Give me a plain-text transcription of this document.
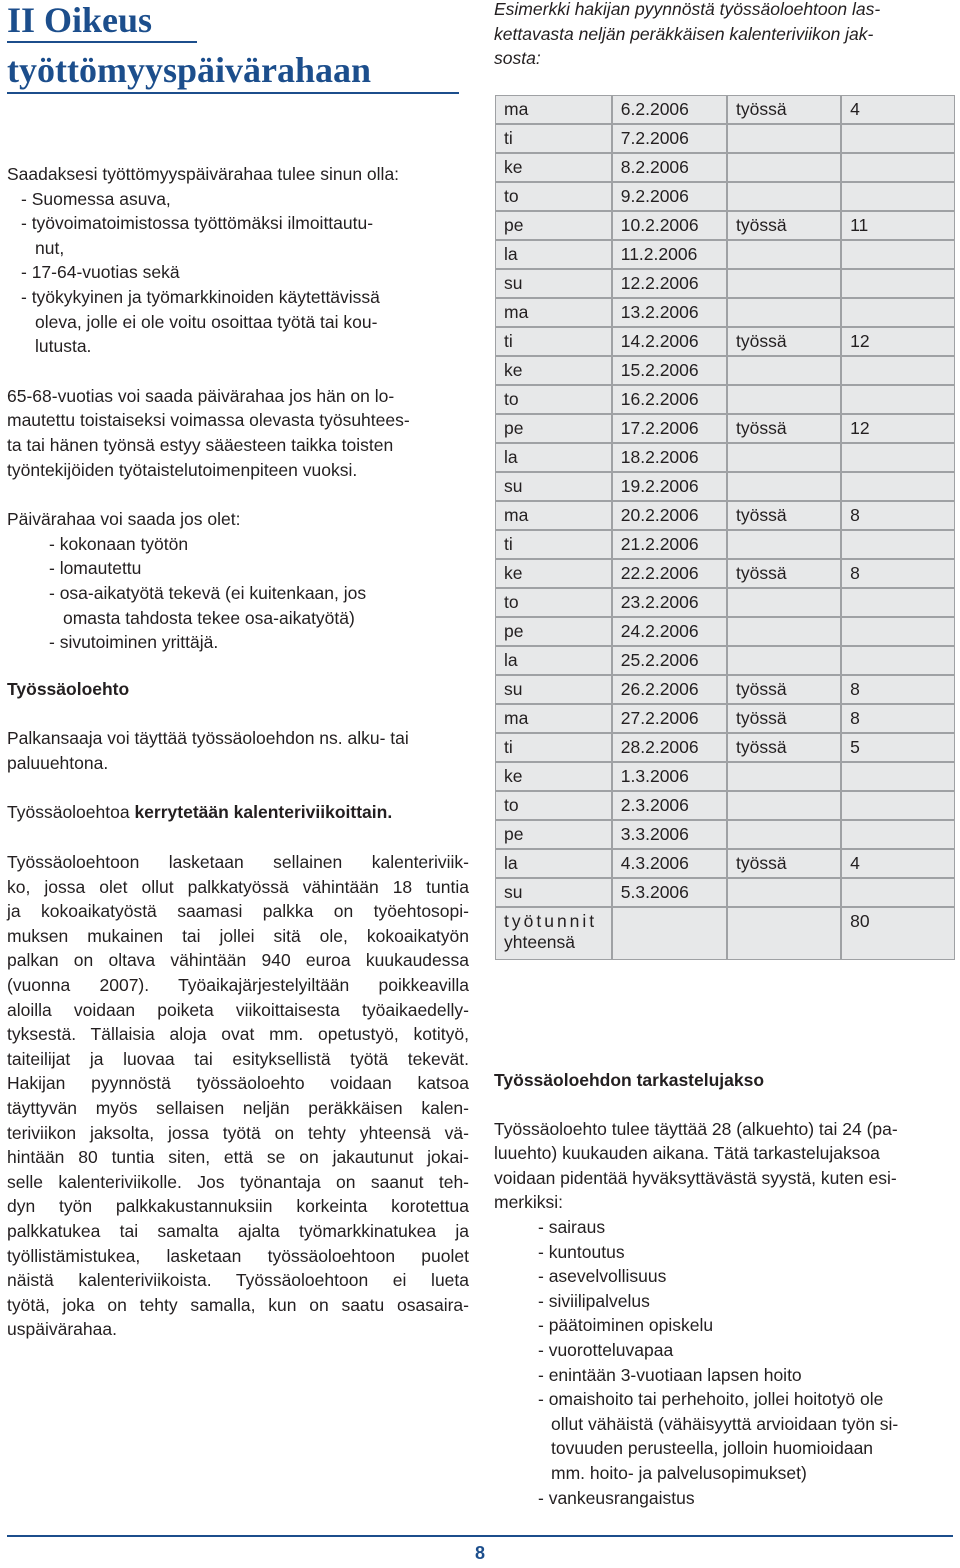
II Oikeus
työttömyyspäivärahaan

Saadaksesi työttömyyspäivärahaa tulee sinun olla:

- Suomessa asuva,

- työvoimatoimistossa työttömäksi ilmoittautu-

nut,

- 17-64-vuotias sekä

- työkykyinen ja työmarkkinoiden käytettävissä

oleva, jolle ei ole voitu osoittaa työtä tai kou-

lutusta.

65-68-vuotias voi saada päivärahaa jos hän on lo-

mautettu toistaiseksi voimassa olevasta työsuhtees-

ta tai hänen työnsä estyy sääesteen taikka toisten

työntekijöiden työtaistelutoimenpiteen vuoksi.

Päivärahaa voi saada jos olet:

- kokonaan työtön

- lomautettu

- osa-aikatyötä tekevä (ei kuitenkaan, jos

omasta tahdosta tekee osa-aikatyötä)

- sivutoiminen yrittäjä.

Työssäoloehto

Palkansaaja voi täyttää työssäoloehdon ns. alku- tai

paluuehtona.

Työssäoloehtoa kerrytetään kalenteriviikoittain.

Työssäoloehtoon lasketaan sellainen kalenteriviik-

ko, jossa olet ollut palkkatyössä vähintään 18 tuntia

ja kokoaikatyöstä saamasi palkka on työehtosopi-

muksen mukainen tai jollei sitä ole, kokoaikatyön

palkan on oltava vähintään 940 euroa kuukaudessa

(vuonna 2007). Työaikajärjestelyiltään poikkeavilla

aloilla voidaan poiketa viikoittaisesta työaikaedelly-

tyksestä. Tällaisia aloja ovat mm. opetustyö, kotityö,

taiteilijat ja luovaa tai esityksellistä työtä tekevät.

Hakijan pyynnöstä työssäoloehto voidaan katsoa

täyttyvän myös sellaisen neljän peräkkäisen kalen-

teriviikon jaksolta, jossa työtä on tehty yhteensä vä-

hintään 80 tuntia siten, että se on jakautunut jokai-

selle kalenteriviikolle. Jos työnantaja on saanut teh-

dyn työn palkkakustannuksiin korkeinta korotettua

palkkatukea tai samalta ajalta työmarkkinatukea ja

työllistämistukea, lasketaan työssäoloehtoon puolet

näistä kalenteriviikoista. Työssäoloehtoon ei lueta

työtä, joka on tehty samalla, kun on saatu osasaira-

uspäivärahaa.

Esimerkki hakijan pyynnöstä työssäoloehtoon las-

kettavasta neljän peräkkäisen kalenteriviikon jak-

sosta:

ma	6.2.2006	työssä	4
ti	7.2.2006		
ke	8.2.2006		
to	9.2.2006		
pe	10.2.2006	työssä	11
la	11.2.2006		
su	12.2.2006		
ma	13.2.2006		
ti	14.2.2006	työssä	12
ke	15.2.2006		
to	16.2.2006		
pe	17.2.2006	työssä	12
la	18.2.2006		
su	19.2.2006		
ma	20.2.2006	työssä	8
ti	21.2.2006		
ke	22.2.2006	työssä	8
to	23.2.2006		
pe	24.2.2006		
la	25.2.2006		
su	26.2.2006	työssä	8
ma	27.2.2006	työssä	8
ti	28.2.2006	työssä	5
ke	1.3.2006		
to	2.3.2006		
pe	3.3.2006		
la	4.3.2006	työssä	4
su	5.3.2006		

työtunnit
yhteensä			80

Työssäoloehdon tarkastelujakso

Työssäoloehto tulee täyttää 28 (alkuehto) tai 24 (pa-

luuehto) kuukauden aikana. Tätä tarkastelujaksoa

voidaan pidentää hyväksyttävästä syystä, kuten esi-

merkiksi:

- sairaus

- kuntoutus

- asevelvollisuus

- siviilipalvelus

- päätoiminen opiskelu

- vuorotteluvapaa

- enintään 3-vuotiaan lapsen hoito

- omaishoito tai perhehoito, jollei hoitotyö ole

ollut vähäistä (vähäisyyttä arvioidaan työn si-

tovuuden perusteella, jolloin huomioidaan

mm. hoito- ja palvelusopimukset)

- vankeusrangaistus

8
